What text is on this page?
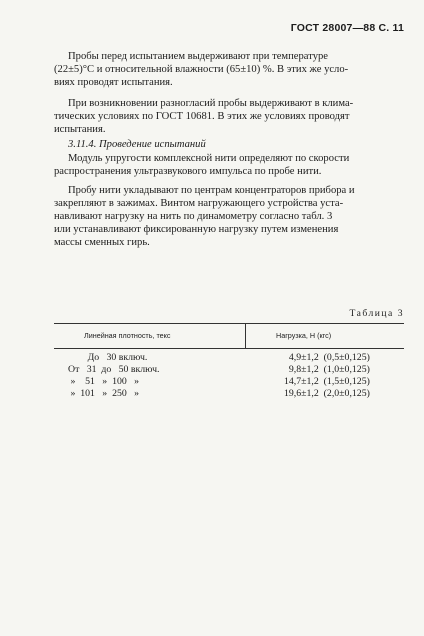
ГОСТ 28007—88 С. 11
Пробы перед испытанием выдерживают при температуре
(22±5)°С и относительной влажности (65±10) %. В этих же усло-
виях проводят испытания.
При возникновении разногласий пробы выдерживают в клима-
тических условиях по ГОСТ 10681. В этих же условиях проводят
испытания.
3.11.4. Проведение испытаний
Модуль упругости комплексной нити определяют по скорости
распространения ультразвукового импульса по пробе нити.
Пробу нити укладывают по центрам концентраторов прибора и
закрепляют в зажимах. Винтом нагружающего устройства уста-
навливают нагрузку на нить по динамометру согласно табл. 3
или устанавливают фиксированную нагрузку путем изменения
массы сменных гирь.
Таблица 3
Линейная плотность, текс	Нагрузка, Н (кгс)
До   30 включ.	4,9±1,2  (0,5±0,125)
От   31  до   50 включ.	9,8±1,2  (1,0±0,125)
»    51   »  100   »	14,7±1,2  (1,5±0,125)
»  101   »  250   »	19,6±1,2  (2,0±0,125)
